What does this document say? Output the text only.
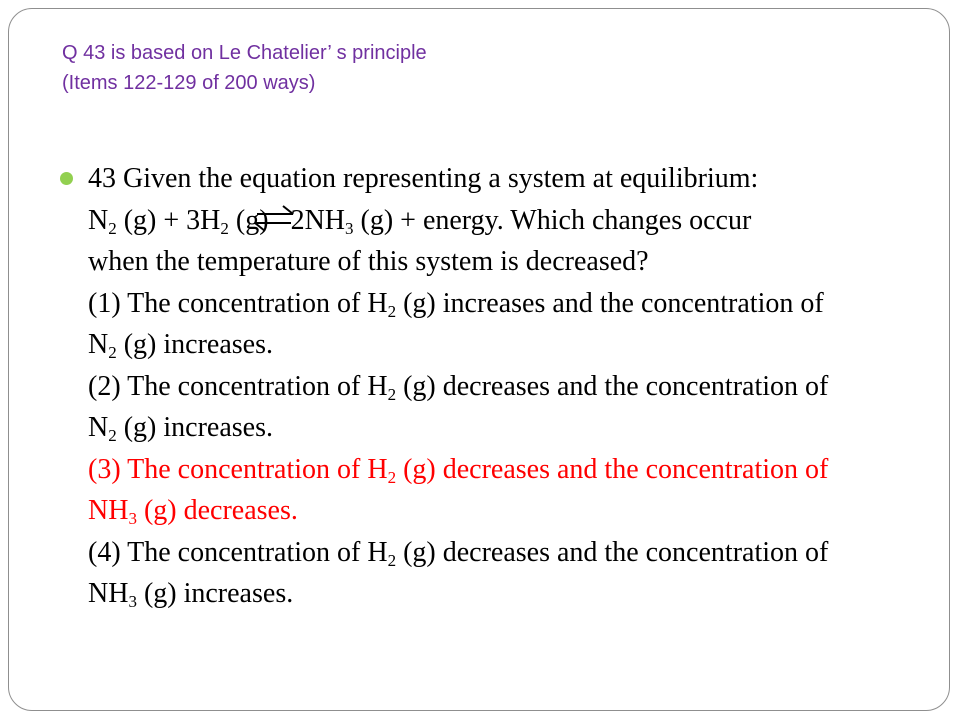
Q 43 is based on Le Chatelier’ s principle
(Items 122-129 of 200 ways)
43 Given the equation representing a system at equilibrium:
$N_2$ $(g) + 3H_2$ (g) $2NH_3$ (g) + energy. Which changes occur
when the temperature of this system is decreased?
(1) The concentration of $H_2$ (g) increases and the concentration of
$N_2$ (g) increases.
(2) The concentration of $H_2$ (g) decreases and the concentration of
$N_2$ (g) increases.
(3) The concentration of $H_2$ (g) decreases and the concentration of
$NH_3$ (g) decreases.
(4) The concentration of $H_2$ (g) decreases and the concentration of
$NH_3$ (g) increases.
